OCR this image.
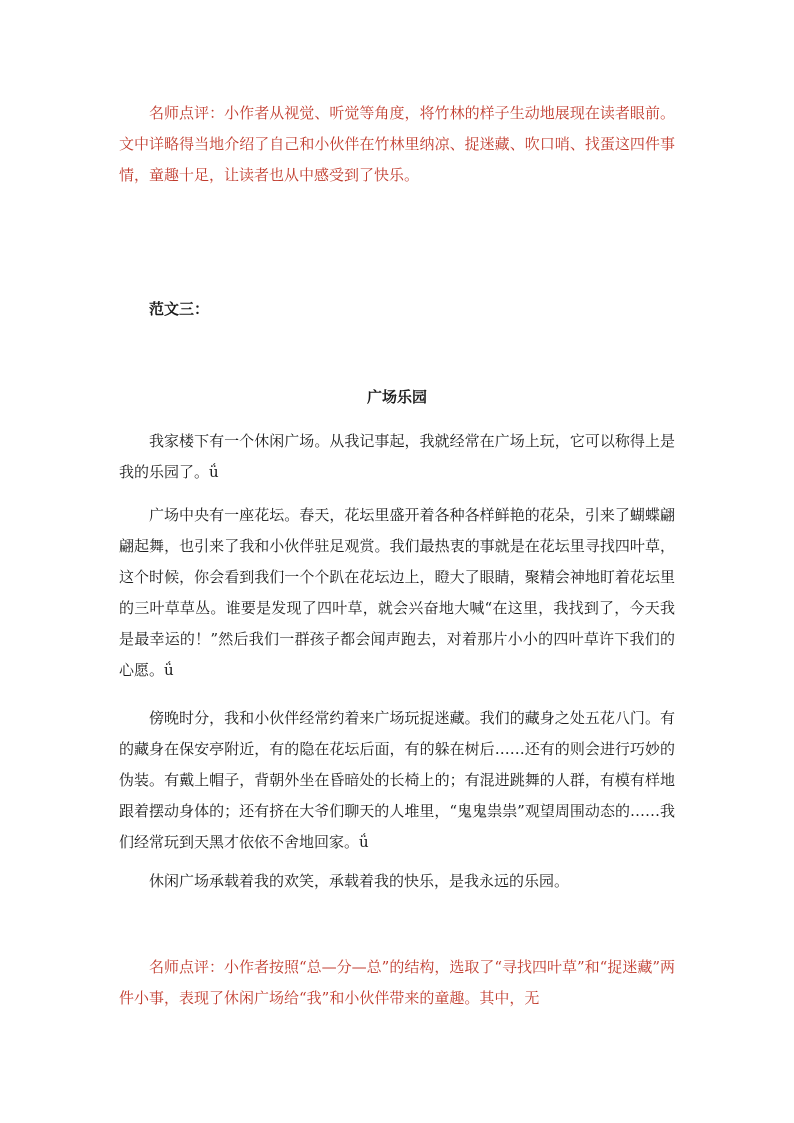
名师点评：小作者从视觉、听觉等角度，将竹林的样子生动地展现在读者眼前。文中详略得当地介绍了自己和小伙伴在竹林里纳凉、捉迷藏、吹口哨、找蛋这四件事情，童趣十足，让读者也从中感受到了快乐。

范文三：

广场乐园

我家楼下有一个休闲广场。从我记事起，我就经常在广场上玩，它可以称得上是我的乐园了。ǘ

广场中央有一座花坛。春天，花坛里盛开着各种各样鲜艳的花朵，引来了蝴蝶翩翩起舞，也引来了我和小伙伴驻足观赏。我们最热衷的事就是在花坛里寻找四叶草，这个时候，你会看到我们一个个趴在花坛边上，瞪大了眼睛，聚精会神地盯着花坛里的三叶草草丛。谁要是发现了四叶草，就会兴奋地大喊“在这里，我找到了，今天我是最幸运的！”然后我们一群孩子都会闻声跑去，对着那片小小的四叶草许下我们的心愿。ǘ

傍晚时分，我和小伙伴经常约着来广场玩捉迷藏。我们的藏身之处五花八门。有的藏身在保安亭附近，有的隐在花坛后面，有的躲在树后……还有的则会进行巧妙的伪装。有戴上帽子，背朝外坐在昏暗处的长椅上的；有混进跳舞的人群，有模有样地跟着摆动身体的；还有挤在大爷们聊天的人堆里，“鬼鬼祟祟”观望周围动态的……我们经常玩到天黑才依依不舍地回家。ǘ

休闲广场承载着我的欢笑，承载着我的快乐，是我永远的乐园。

名师点评：小作者按照“总—分—总”的结构，选取了“寻找四叶草”和“捉迷藏”两件小事，表现了休闲广场给“我”和小伙伴带来的童趣。其中，无
